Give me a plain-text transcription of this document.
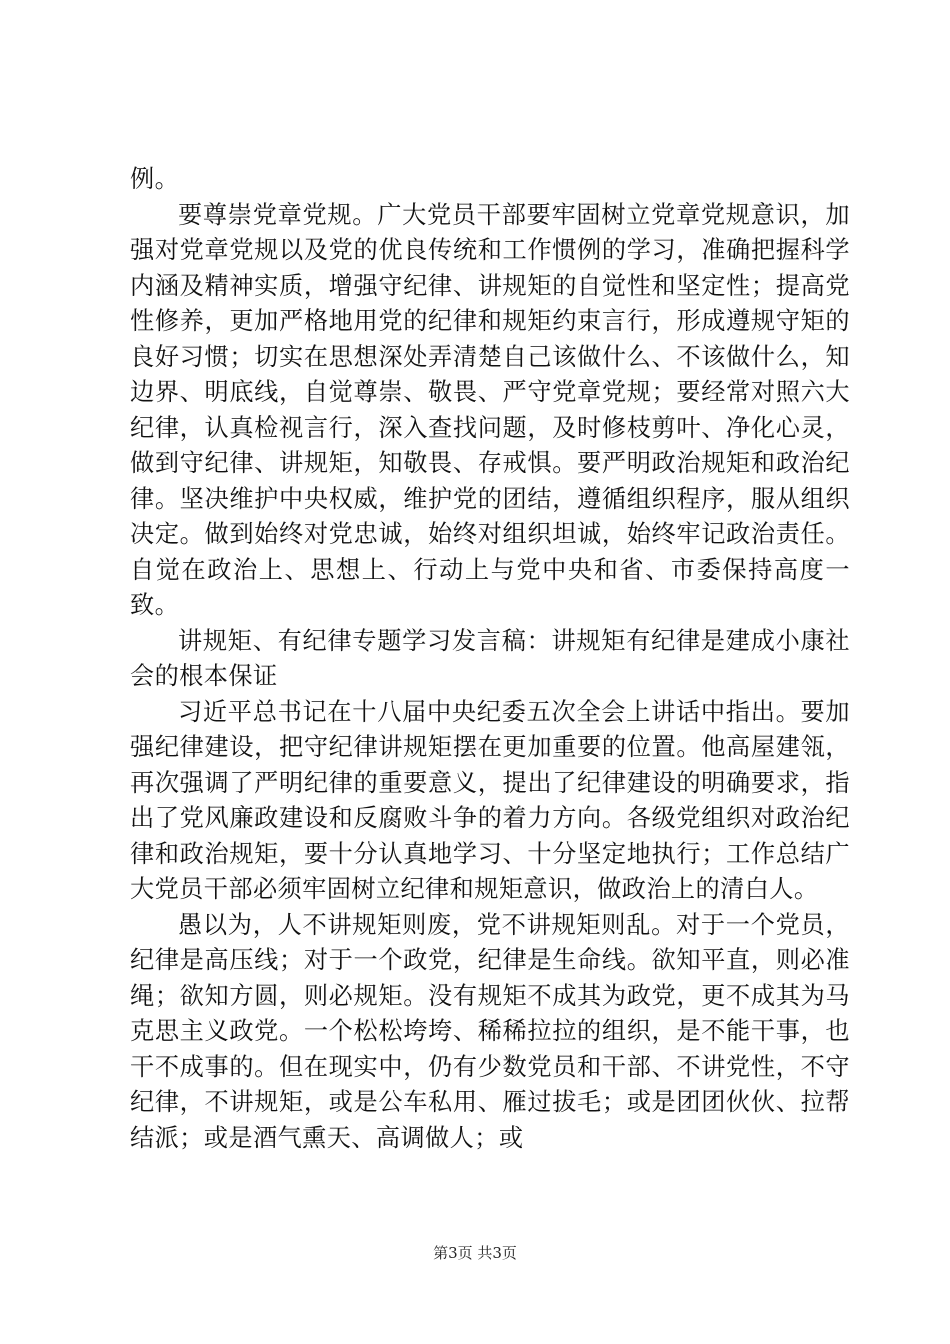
例。

要尊崇党章党规。广大党员干部要牢固树立党章党规意识，加强对党章党规以及党的优良传统和工作惯例的学习，准确把握科学内涵及精神实质，增强守纪律、讲规矩的自觉性和坚定性；提高党性修养，更加严格地用党的纪律和规矩约束言行，形成遵规守矩的良好习惯；切实在思想深处弄清楚自己该做什么、不该做什么，知边界、明底线，自觉尊崇、敬畏、严守党章党规；要经常对照六大纪律，认真检视言行，深入查找问题，及时修枝剪叶、净化心灵，做到守纪律、讲规矩，知敬畏、存戒惧。要严明政治规矩和政治纪律。坚决维护中央权威，维护党的团结，遵循组织程序，服从组织决定。做到始终对党忠诚，始终对组织坦诚，始终牢记政治责任。自觉在政治上、思想上、行动上与党中央和省、市委保持高度一致。

讲规矩、有纪律专题学习发言稿：讲规矩有纪律是建成小康社会的根本保证

习近平总书记在十八届中央纪委五次全会上讲话中指出。要加强纪律建设，把守纪律讲规矩摆在更加重要的位置。他高屋建瓴，再次强调了严明纪律的重要意义，提出了纪律建设的明确要求，指出了党风廉政建设和反腐败斗争的着力方向。各级党组织对政治纪律和政治规矩，要十分认真地学习、十分坚定地执行；工作总结广大党员干部必须牢固树立纪律和规矩意识，做政治上的清白人。

愚以为，人不讲规矩则废，党不讲规矩则乱。对于一个党员，纪律是高压线；对于一个政党，纪律是生命线。欲知平直，则必准绳；欲知方圆，则必规矩。没有规矩不成其为政党，更不成其为马克思主义政党。一个松松垮垮、稀稀拉拉的组织，是不能干事，也干不成事的。但在现实中，仍有少数党员和干部、不讲党性，不守纪律，不讲规矩，或是公车私用、雁过拔毛；或是团团伙伙、拉帮结派；或是酒气熏天、高调做人；或

第3页 共3页
